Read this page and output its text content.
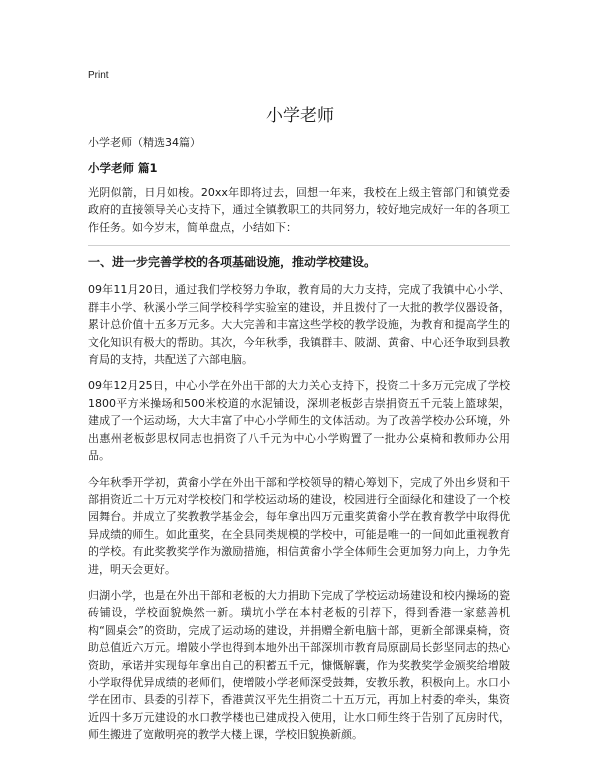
Print
小学老师

小学老师（精选34篇）

小学老师 篇1

光阴似箭，日月如梭。20xx年即将过去，回想一年来，我校在上级主管部门和镇党委政府的直接领导关心支持下，通过全镇教职工的共同努力，较好地完成好一年的各项工作任务。如今岁末，简单盘点，小结如下：

一、进一步完善学校的各项基础设施，推动学校建设。

09年11月20日，通过我们学校努力争取，教育局的大力支持，完成了我镇中心小学、群丰小学、秋溪小学三间学校科学实验室的建设，并且拨付了一大批的教学仪器设备，累计总价值十五多万元多。大大完善和丰富这些学校的教学设施，为教育和提高学生的文化知识有极大的帮助。其次，今年秋季，我镇群丰、陂湖、黄畲、中心还争取到县教育局的支持，共配送了六部电脑。

09年12月25日，中心小学在外出干部的大力关心支持下，投资二十多万元完成了学校1800平方米操场和500米校道的水泥铺设，深圳老板彭吉崇捐资五千元装上篮球架，建成了一个运动场，大大丰富了中心小学师生的文体活动。为了改善学校办公环境，外出惠州老板彭思权同志也捐资了八千元为中心小学购置了一批办公桌椅和教师办公用品。

今年秋季开学初，黄畲小学在外出干部和学校领导的精心筹划下，完成了外出乡贤和干部捐资近二十万元对学校校门和学校运动场的建设，校园进行全面绿化和建设了一个校园舞台。并成立了奖教教学基金会，每年拿出四万元重奖黄畲小学在教育教学中取得优异成绩的师生。如此重奖，在全县同类规模的学校中，可能是唯一的一间如此重视教育的学校。有此奖教奖学作为激励措施，相信黄畲小学全体师生会更加努力向上，力争先进，明天会更好。

归湖小学，也是在外出干部和老板的大力捐助下完成了学校运动场建设和校内操场的瓷砖铺设，学校面貌焕然一新。璜坑小学在本村老板的引荐下，得到香港一家慈善机构“圆桌会”的资助，完成了运动场的建设，并捐赠全新电脑十部，更新全部课桌椅，资助总值近六万元。增陂小学也得到本地外出干部深圳市教育局原副局长彭坚同志的热心资助，承诺并实现每年拿出自己的积蓄五千元，慷慨解囊，作为奖教奖学金颁奖给增陂小学取得优异成绩的老师们，使增陂小学老师深受鼓舞，安教乐教，积极向上。水口小学在团市、县委的引荐下，香港黄汉平先生捐资二十五万元，再加上村委的牵头，集资近四十多万元建设的水口教学楼也已建成投入使用，让水口师生终于告别了瓦房时代，师生搬进了宽敞明亮的教学大楼上课，学校旧貌换新颜。
